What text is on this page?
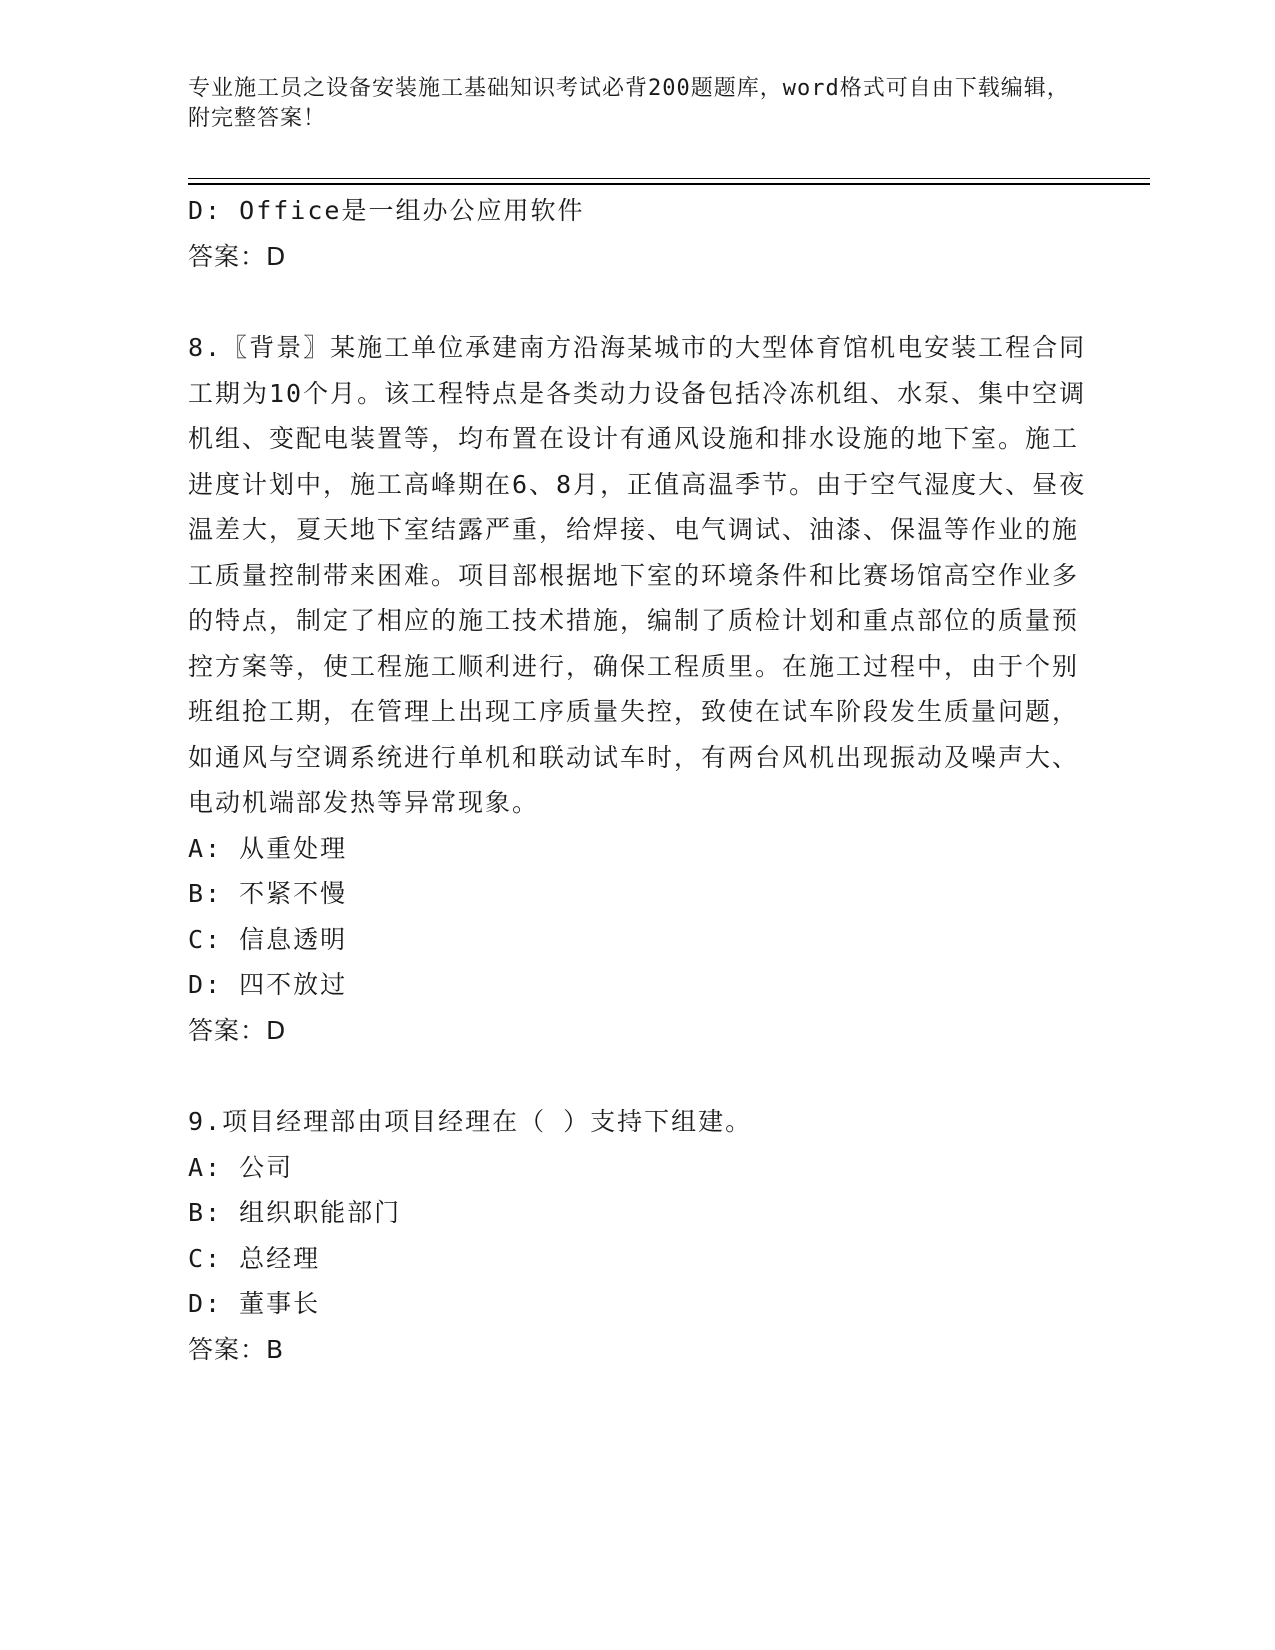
专业施工员之设备安装施工基础知识考试必背200题题库，word格式可自由下载编辑，附完整答案！
D: Office是一组办公应用软件
答案：D
8.〖背景〗某施工单位承建南方沿海某城市的大型体育馆机电安装工程合同工期为10个月。该工程特点是各类动力设备包括冷冻机组、水泵、集中空调机组、变配电装置等，均布置在设计有通风设施和排水设施的地下室。施工进度计划中，施工高峰期在6、8月，正值高温季节。由于空气湿度大、昼夜温差大，夏天地下室结露严重，给焊接、电气调试、油漆、保温等作业的施工质量控制带来困难。项目部根据地下室的环境条件和比赛场馆高空作业多的特点，制定了相应的施工技术措施，编制了质检计划和重点部位的质量预控方案等，使工程施工顺利进行，确保工程质里。在施工过程中，由于个别班组抢工期，在管理上出现工序质量失控，致使在试车阶段发生质量问题，如通风与空调系统进行单机和联动试车时，有两台风机出现振动及噪声大、电动机端部发热等异常现象。
A: 从重处理
B: 不紧不慢
C: 信息透明
D: 四不放过
答案：D
9.项目经理部由项目经理在（ ）支持下组建。
A: 公司
B: 组织职能部门
C: 总经理
D: 董事长
答案：B
